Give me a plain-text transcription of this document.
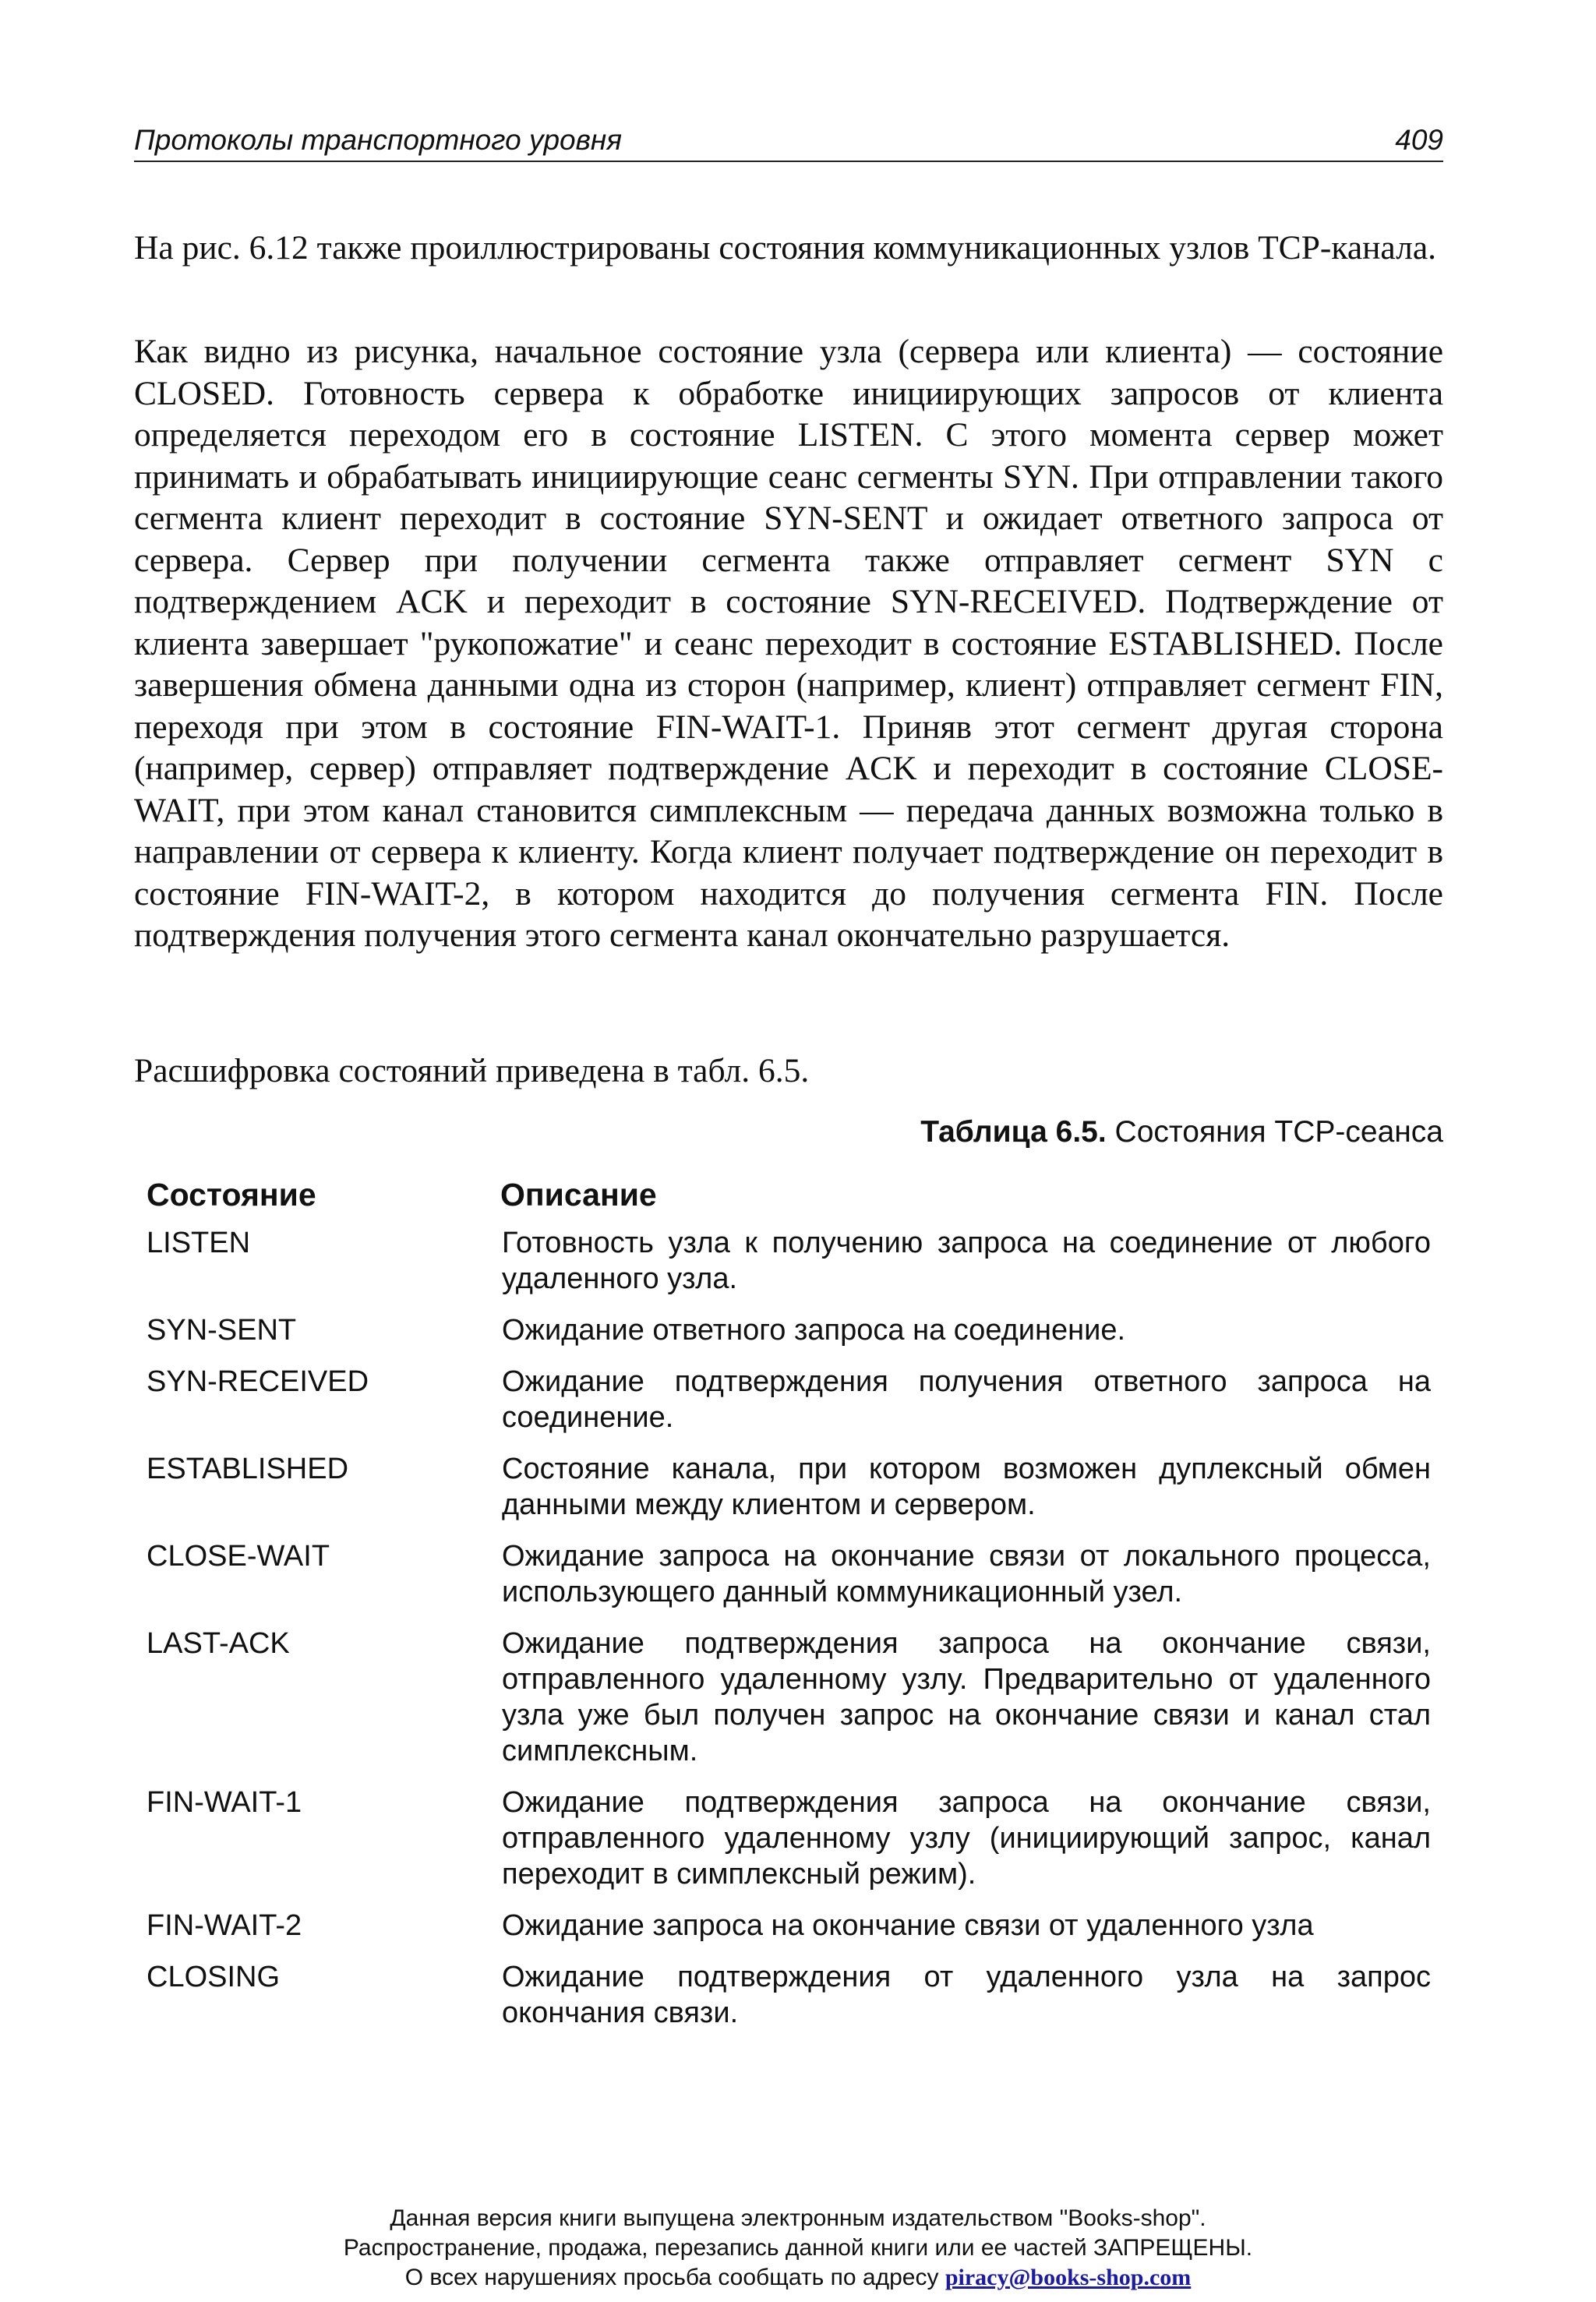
Протоколы транспортного уровня	409

На рис. 6.12 также проиллюстрированы состояния коммуникационных узлов TCP-канала.

Как видно из рисунка, начальное состояние узла (сервера или клиента) — состояние CLOSED. Готовность сервера к обработке инициирующих запросов от клиента определяется переходом его в состояние LISTEN. С этого момента сервер может принимать и обрабатывать инициирующие сеанс сегменты SYN. При отправлении такого сегмента клиент переходит в состояние SYN-SENT и ожидает ответного запроса от сервера. Сервер при получении сегмента также отправляет сегмент SYN с подтверждением ACK и переходит в состояние SYN-RECEIVED. Подтверждение от клиента завершает "рукопожатие" и сеанс переходит в состояние ESTABLISHED. После завершения обмена данными одна из сторон (например, клиент) отправляет сегмент FIN, переходя при этом в состояние FIN-WAIT-1. Приняв этот сегмент другая сторона (например, сервер) отправляет подтверждение ACK и переходит в состояние CLOSE-WAIT, при этом канал становится симплексным — передача данных возможна только в направлении от сервера к клиенту. Когда клиент получает подтверждение он переходит в состояние FIN-WAIT-2, в котором находится до получения сегмента FIN. После подтверждения получения этого сегмента канал окончательно разрушается.

Расшифровка состояний приведена в табл. 6.5.

Таблица 6.5. Состояния TCP-сеанса
Состояние	Описание
LISTEN	Готовность узла к получению запроса на соединение от любого удаленного узла.
SYN-SENT	Ожидание ответного запроса на соединение.
SYN-RECEIVED	Ожидание подтверждения получения ответного запроса на соединение.
ESTABLISHED	Состояние канала, при котором возможен дуплексный обмен данными между клиентом и сервером.
CLOSE-WAIT	Ожидание запроса на окончание связи от локального процесса, использующего данный коммуникационный узел.
LAST-ACK	Ожидание подтверждения запроса на окончание связи, отправленного удаленному узлу. Предварительно от удаленного узла уже был получен запрос на окончание связи и канал стал симплексным.
FIN-WAIT-1	Ожидание подтверждения запроса на окончание связи, отправленного удаленному узлу (инициирующий запрос, канал переходит в симплексный режим).
FIN-WAIT-2	Ожидание запроса на окончание связи от удаленного узла
CLOSING	Ожидание подтверждения от удаленного узла на запрос окончания связи.
Данная версия книги выпущена электронным издательством "Books-shop".
Распространение, продажа, перезапись данной книги или ее частей ЗАПРЕЩЕНЫ.
О всех нарушениях просьба сообщать по адресу piracy@books-shop.com
